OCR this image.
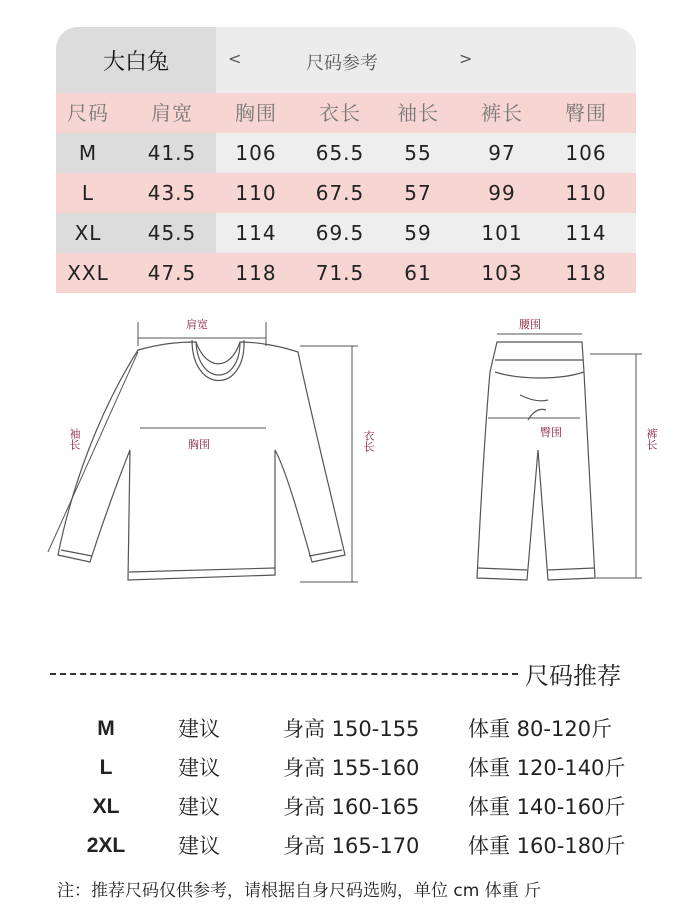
大白兔	<	尺码参考	>
尺码	肩宽	胸围	衣长	袖长	裤长	臀围
M	41.5	106	65.5	55	97	106
L	43.5	110	67.5	57	99	110
XL	45.5	114	69.5	59	101	114
XXL	47.5	118	71.5	61	103	118
肩宽
胸围
袖长	衣长
腰围
臀围	裤长
尺码推荐
M	建议	身高 150-155 体重 80-120斤
L	建议	身高 155-160 体重 120-140斤
XL	建议	身高 160-165 体重 140-160斤
2XL	建议	身高 165-170 体重 160-180斤
注：推荐尺码仅供参考，请根据自身尺码选购，单位 cm 体重 斤
